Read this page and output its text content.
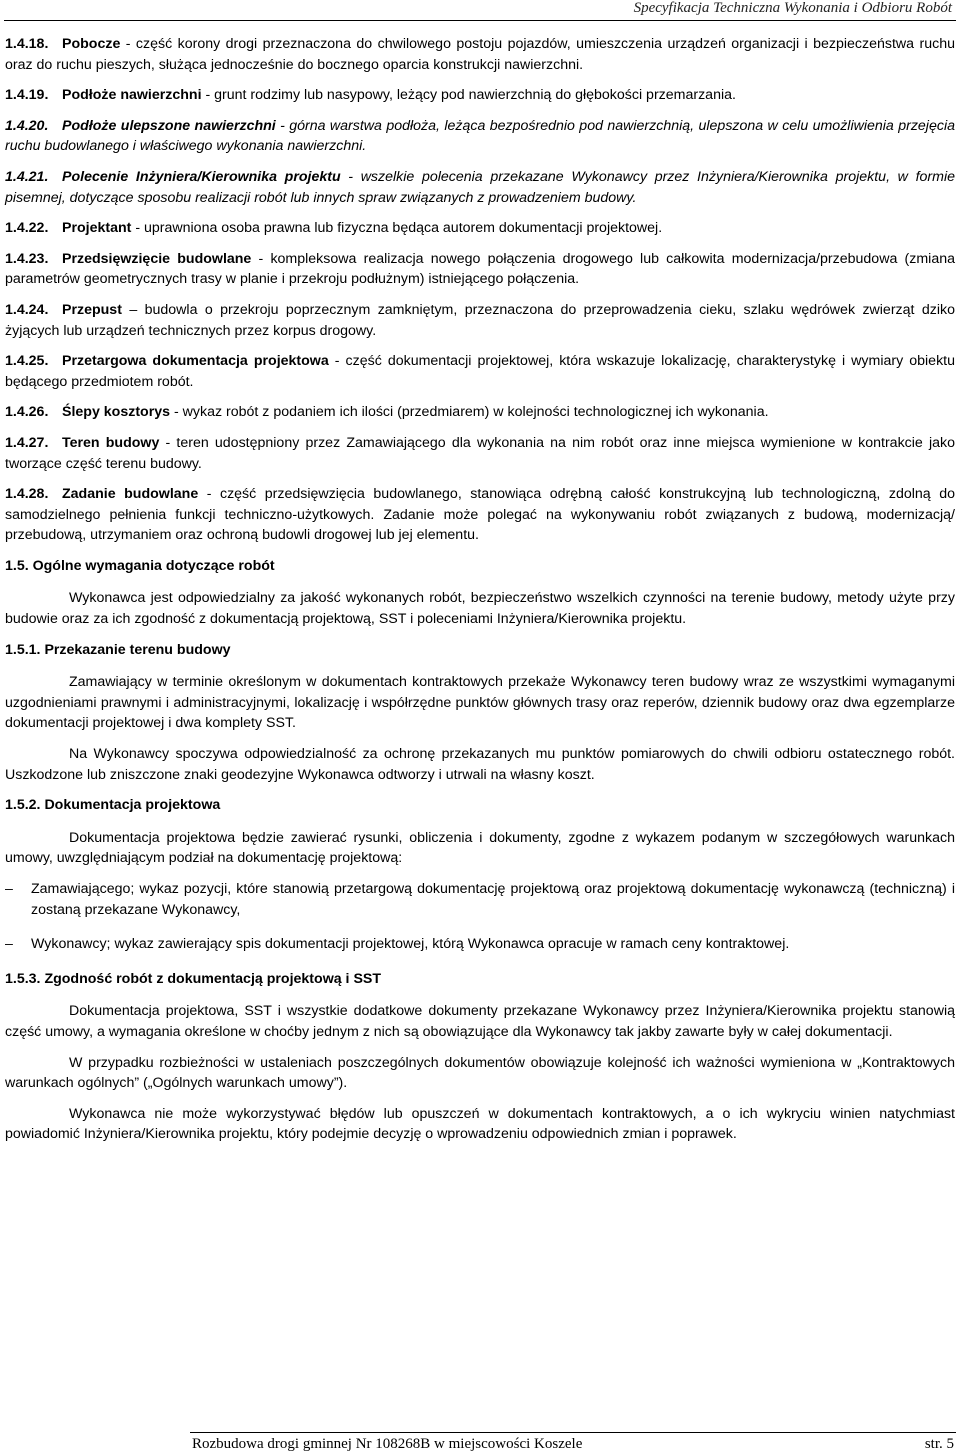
Specyfikacja Techniczna Wykonania i Odbioru Robót

1.4.18. Pobocze - część korony drogi przeznaczona do chwilowego postoju pojazdów, umieszczenia urządzeń organizacji i bezpieczeństwa ruchu oraz do ruchu pieszych, służąca jednocześnie do bocznego oparcia konstrukcji nawierzchni.

1.4.19. Podłoże nawierzchni - grunt rodzimy lub nasypowy, leżący pod nawierzchnią do głębokości przemarzania.

1.4.20. Podłoże ulepszone nawierzchni - górna warstwa podłoża, leżąca bezpośrednio pod nawierzchnią, ulepszona w celu umożliwienia przejęcia ruchu budowlanego i właściwego wykonania nawierzchni.

1.4.21. Polecenie Inżyniera/Kierownika projektu - wszelkie polecenia przekazane Wykonawcy przez Inżyniera/Kierownika projektu, w formie pisemnej, dotyczące sposobu realizacji robót lub innych spraw związanych z prowadzeniem budowy.

1.4.22. Projektant - uprawniona osoba prawna lub fizyczna będąca autorem dokumentacji projektowej.

1.4.23. Przedsięwzięcie budowlane - kompleksowa realizacja nowego połączenia drogowego lub całkowita modernizacja/przebudowa (zmiana parametrów geometrycznych trasy w planie i przekroju podłużnym) istniejącego połączenia.

1.4.24. Przepust – budowla o przekroju poprzecznym zamkniętym, przeznaczona do przeprowadzenia cieku, szlaku wędrówek zwierząt dziko żyjących lub urządzeń technicznych przez korpus drogowy.

1.4.25. Przetargowa dokumentacja projektowa - część dokumentacji projektowej, która wskazuje lokalizację, charakterystykę i wymiary obiektu będącego przedmiotem robót.

1.4.26. Ślepy kosztorys - wykaz robót z podaniem ich ilości (przedmiarem) w kolejności technologicznej ich wykonania.

1.4.27. Teren budowy - teren udostępniony przez Zamawiającego dla wykonania na nim robót oraz inne miejsca wymienione w kontrakcie jako tworzące część terenu budowy.

1.4.28. Zadanie budowlane - część przedsięwzięcia budowlanego, stanowiąca odrębną całość konstrukcyjną lub technologiczną, zdolną do samodzielnego pełnienia funkcji techniczno-użytkowych. Zadanie może polegać na wykonywaniu robót związanych z budową, modernizacją/ przebudową, utrzymaniem oraz ochroną budowli drogowej lub jej elementu.

1.5. Ogólne wymagania dotyczące robót

Wykonawca jest odpowiedzialny za jakość wykonanych robót, bezpieczeństwo wszelkich czynności na terenie budowy, metody użyte przy budowie oraz za ich zgodność z dokumentacją projektową, SST i poleceniami Inżyniera/Kierownika projektu.

1.5.1. Przekazanie terenu budowy

Zamawiający w terminie określonym w dokumentach kontraktowych przekaże Wykonawcy teren budowy wraz ze wszystkimi wymaganymi uzgodnieniami prawnymi i administracyjnymi, lokalizację i współrzędne punktów głównych trasy oraz reperów, dziennik budowy oraz dwa egzemplarze dokumentacji projektowej i dwa komplety SST.

Na Wykonawcy spoczywa odpowiedzialność za ochronę przekazanych mu punktów pomiarowych do chwili odbioru ostatecznego robót. Uszkodzone lub zniszczone znaki geodezyjne Wykonawca odtworzy i utrwali na własny koszt.

1.5.2. Dokumentacja projektowa

Dokumentacja projektowa będzie zawierać rysunki, obliczenia i dokumenty, zgodne z wykazem podanym w szczegółowych warunkach umowy, uwzględniającym podział na dokumentację projektową:

– Zamawiającego; wykaz pozycji, które stanowią przetargową dokumentację projektową oraz projektową dokumentację wykonawczą (techniczną) i zostaną przekazane Wykonawcy,
– Wykonawcy; wykaz zawierający spis dokumentacji projektowej, którą Wykonawca opracuje w ramach ceny kontraktowej.
1.5.3. Zgodność robót z dokumentacją projektową i SST

Dokumentacja projektowa, SST i wszystkie dodatkowe dokumenty przekazane Wykonawcy przez Inżyniera/Kierownika projektu stanowią część umowy, a wymagania określone w choćby jednym z nich są obowiązujące dla Wykonawcy tak jakby zawarte były w całej dokumentacji.

W przypadku rozbieżności w ustaleniach poszczególnych dokumentów obowiązuje kolejność ich ważności wymieniona w „Kontraktowych warunkach ogólnych” („Ogólnych warunkach umowy”).

Wykonawca nie może wykorzystywać błędów lub opuszczeń w dokumentach kontraktowych, a o ich wykryciu winien natychmiast powiadomić Inżyniera/Kierownika projektu, który podejmie decyzję o wprowadzeniu odpowiednich zmian i poprawek.

Rozbudowa drogi gminnej Nr 108268B w miejscowości Koszele	str. 5
